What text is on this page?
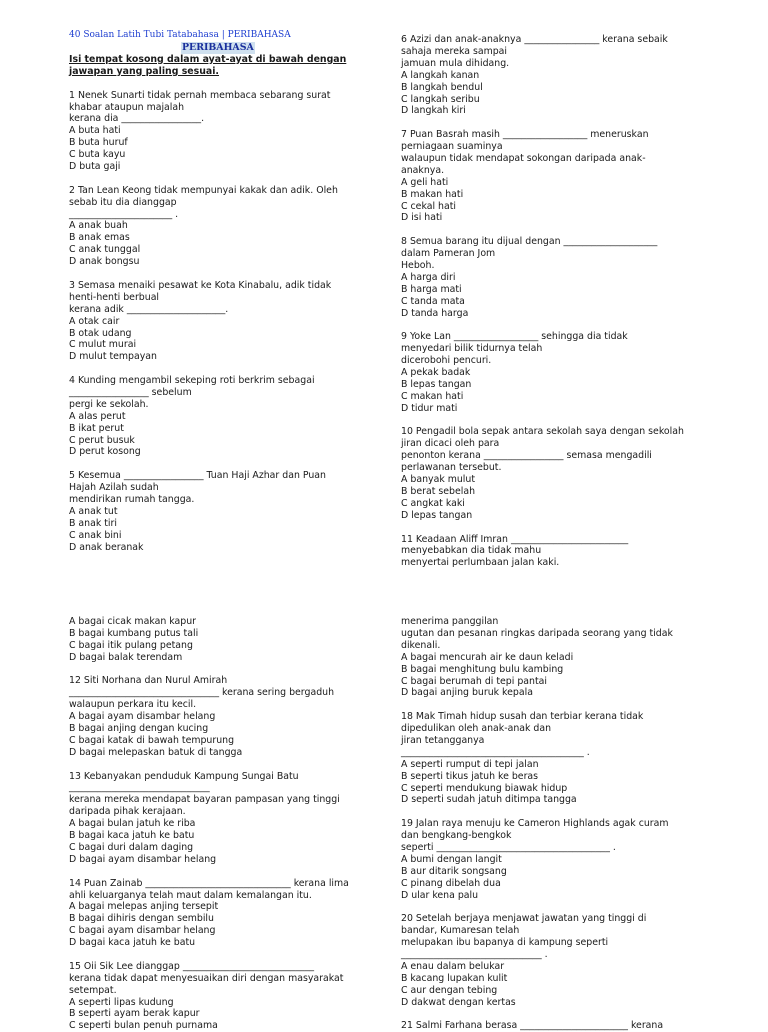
40 Soalan Latih Tubi Tatabahasa | PERIBAHASA

PERIBAHASA

Isi tempat kosong dalam ayat-ayat di bawah dengan

jawapan yang paling sesuai.

1 Nenek Sunarti tidak pernah membaca sebarang surat

khabar ataupun majalah

kerana dia _________________.

A buta hati

B buta huruf

C buta kayu

D buta gaji

2 Tan Lean Keong tidak mempunyai kakak dan adik. Oleh

sebab itu dia dianggap

______________________ .

A anak buah

B anak emas

C anak tunggal

D anak bongsu

3 Semasa menaiki pesawat ke Kota Kinabalu, adik tidak

henti-henti berbual

kerana adik _____________________.

A otak cair

B otak udang

C mulut murai

D mulut tempayan

4 Kunding mengambil sekeping roti berkrim sebagai

_________________ sebelum

pergi ke sekolah.

A alas perut

B ikat perut

C perut busuk

D perut kosong

5 Kesemua _________________ Tuan Haji Azhar dan Puan

Hajah Azilah sudah

mendirikan rumah tangga.

A anak tut

B anak tiri

C anak bini

D anak beranak

6 Azizi dan anak-anaknya ________________ kerana sebaik

sahaja mereka sampai

jamuan mula dihidang.

A langkah kanan

B langkah bendul

C langkah seribu

D langkah kiri

7 Puan Basrah masih __________________ meneruskan

perniagaan suaminya

walaupun tidak mendapat sokongan daripada anak-

anaknya.

A geli hati

B makan hati

C cekal hati

D isi hati

8 Semua barang itu dijual dengan ____________________

dalam Pameran Jom

Heboh.

A harga diri

B harga mati

C tanda mata

D tanda harga

9 Yoke Lan __________________ sehingga dia tidak

menyedari bilik tidurnya telah

dicerobohi pencuri.

A pekak badak

B lepas tangan

C makan hati

D tidur mati

10 Pengadil bola sepak antara sekolah saya dengan sekolah

jiran dicaci oleh para

penonton kerana _________________ semasa mengadili

perlawanan tersebut.

A banyak mulut

B berat sebelah

C angkat kaki

D lepas tangan

11 Keadaan Aliff Imran _________________________

menyebabkan dia tidak mahu

menyertai perlumbaan jalan kaki.

A bagai cicak makan kapur

B bagai kumbang putus tali

C bagai itik pulang petang

D bagai balak terendam

12 Siti Norhana dan Nurul Amirah

________________________________ kerana sering bergaduh

walaupun perkara itu kecil.

A bagai ayam disambar helang

B bagai anjing dengan kucing

C bagai katak di bawah tempurung

D bagai melepaskan batuk di tangga

13 Kebanyakan penduduk Kampung Sungai Batu

______________________________

kerana mereka mendapat bayaran pampasan yang tinggi

daripada pihak kerajaan.

A bagai bulan jatuh ke riba

B bagai kaca jatuh ke batu

C bagai duri dalam daging

D bagai ayam disambar helang

14 Puan Zainab _______________________________ kerana lima

ahli keluarganya telah maut dalam kemalangan itu.

A bagai melepas anjing tersepit

B bagai dihiris dengan sembilu

C bagai ayam disambar helang

D bagai kaca jatuh ke batu

15 Oii Sik Lee dianggap ____________________________

kerana tidak dapat menyesuaikan diri dengan masyarakat

setempat.

A seperti lipas kudung

B seperti ayam berak kapur

C seperti bulan penuh purnama

menerima panggilan

ugutan dan pesanan ringkas daripada seorang yang tidak

dikenali.

A bagai mencurah air ke daun keladi

B bagai menghitung bulu kambing

C bagai berumah di tepi pantai

D bagai anjing buruk kepala

18 Mak Timah hidup susah dan terbiar kerana tidak

dipedulikan oleh anak-anak dan

jiran tetangganya

_______________________________________ .

A seperti rumput di tepi jalan

B seperti tikus jatuh ke beras

C seperti mendukung biawak hidup

D seperti sudah jatuh ditimpa tangga

19 Jalan raya menuju ke Cameron Highlands agak curam

dan bengkang-bengkok

seperti _____________________________________ .

A bumi dengan langit

B aur ditarik songsang

C pinang dibelah dua

D ular kena palu

20 Setelah berjaya menjawat jawatan yang tinggi di

bandar, Kumaresan telah

melupakan ibu bapanya di kampung seperti

______________________________ .

A enau dalam belukar

B kacang lupakan kulit

C aur dengan tebing

D dakwat dengan kertas

21 Salmi Farhana berasa _______________________ kerana
